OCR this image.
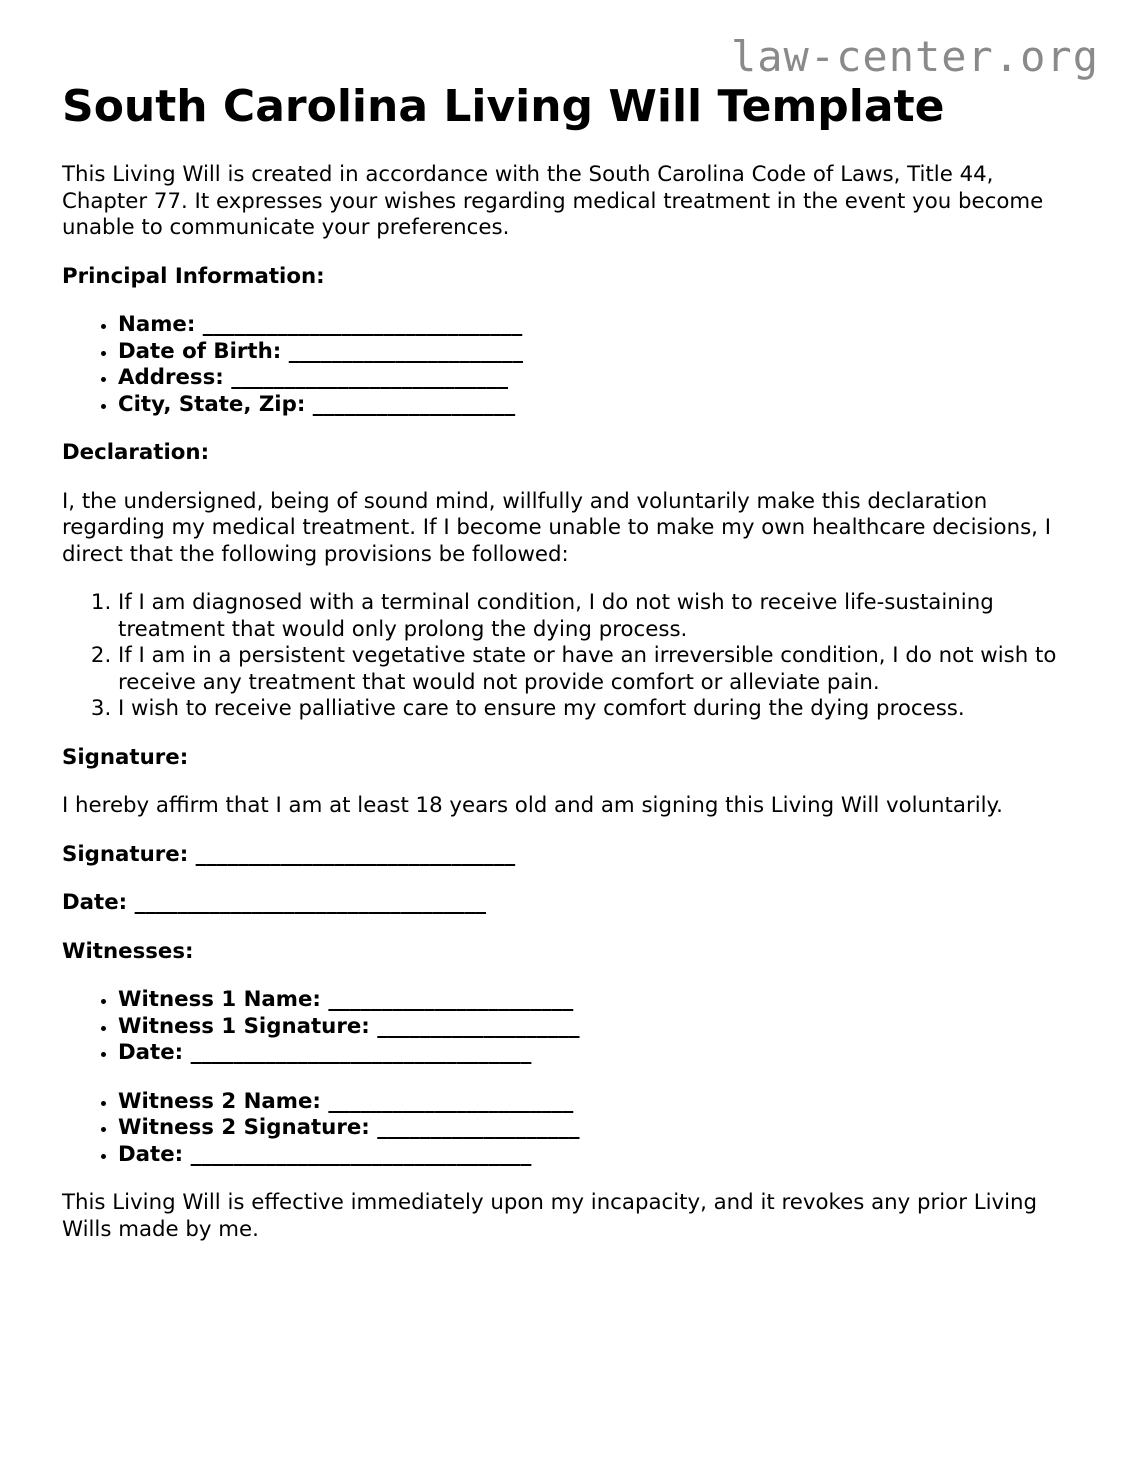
law-center.org
South Carolina Living Will Template

This Living Will is created in accordance with the South Carolina Code of Laws, Title 44, Chapter 77. It expresses your wishes regarding medical treatment in the event you become unable to communicate your preferences.

Principal Information:
• Name: ______________________________
• Date of Birth: ______________________
• Address: __________________________
• City, State, Zip: ___________________
Declaration:

I, the undersigned, being of sound mind, willfully and voluntarily make this declaration regarding my medical treatment. If I become unable to make my own healthcare decisions, I direct that the following provisions be followed:

1. If I am diagnosed with a terminal condition, I do not wish to receive life-sustaining treatment that would only prolong the dying process.
2. If I am in a persistent vegetative state or have an irreversible condition, I do not wish to receive any treatment that would not provide comfort or alleviate pain.
3. I wish to receive palliative care to ensure my comfort during the dying process.
Signature:

I hereby affirm that I am at least 18 years old and am signing this Living Will voluntarily.

Signature: ______________________________
Date: _________________________________
Witnesses:
• Witness 1 Name: _______________________
• Witness 1 Signature: ___________________
• Date: ________________________________
• Witness 2 Name: _______________________
• Witness 2 Signature: ___________________
• Date: ________________________________

This Living Will is effective immediately upon my incapacity, and it revokes any prior Living Wills made by me.
